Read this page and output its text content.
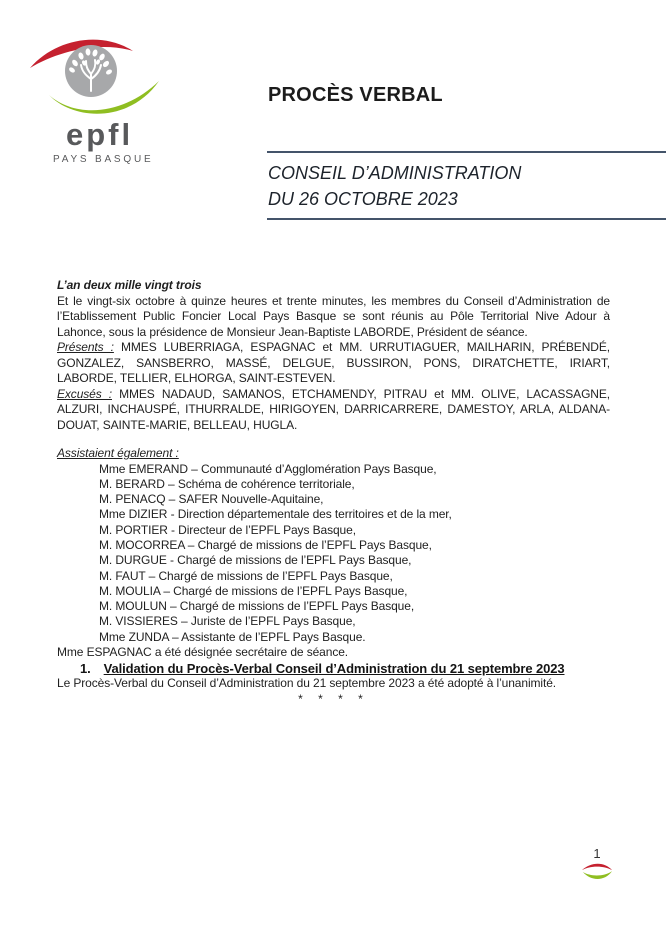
epfl
PAYS BASQUE
PROCÈS VERBAL
CONSEIL D’ADMINISTRATION
DU 26 OCTOBRE 2023

L’an deux mille vingt trois
Et le vingt-six octobre à quinze heures et trente minutes, les membres du Conseil d’Administration de l’Etablissement Public Foncier Local Pays Basque se sont réunis au Pôle Territorial Nive Adour à Lahonce, sous la présidence de Monsieur Jean-Baptiste LABORDE, Président de séance.

Présents : MMES LUBERRIAGA, ESPAGNAC et MM. URRUTIAGUER, MAILHARIN, PRÉBENDÉ, GONZALEZ, SANSBERRO, MASSÉ, DELGUE, BUSSIRON, PONS, DIRATCHETTE, IRIART, LABORDE, TELLIER, ELHORGA, SAINT-ESTEVEN.

Excusés : MMES NADAUD, SAMANOS, ETCHAMENDY, PITRAU et MM. OLIVE, LACASSAGNE, ALZURI, INCHAUSPÉ, ITHURRALDE, HIRIGOYEN, DARRICARRERE, DAMESTOY, ARLA, ALDANA-DOUAT, SAINTE-MARIE, BELLEAU, HUGLA.

Assistaient également :
Mme EMERAND – Communauté d’Agglomération Pays Basque,
M. BERARD – Schéma de cohérence territoriale,
M. PENACQ – SAFER Nouvelle-Aquitaine,
Mme DIZIER - Direction départementale des territoires et de la mer,
M. PORTIER - Directeur de l’EPFL Pays Basque,
M. MOCORREA – Chargé de missions de l’EPFL Pays Basque,
M. DURGUE - Chargé de missions de l’EPFL Pays Basque,
M. FAUT – Chargé de missions de l’EPFL Pays Basque,
M. MOULIA – Chargé de missions de l’EPFL Pays Basque,
M. MOULUN – Chargé de missions de l’EPFL Pays Basque,
M. VISSIERES – Juriste de l’EPFL Pays Basque,
Mme ZUNDA – Assistante de l’EPFL Pays Basque.

Mme ESPAGNAC a été désignée secrétaire de séance.

1. Validation du Procès-Verbal Conseil d’Administration du 21 septembre 2023

Le Procès-Verbal du Conseil d’Administration du 21 septembre 2023 a été adopté à l’unanimité.

* * * *

1
